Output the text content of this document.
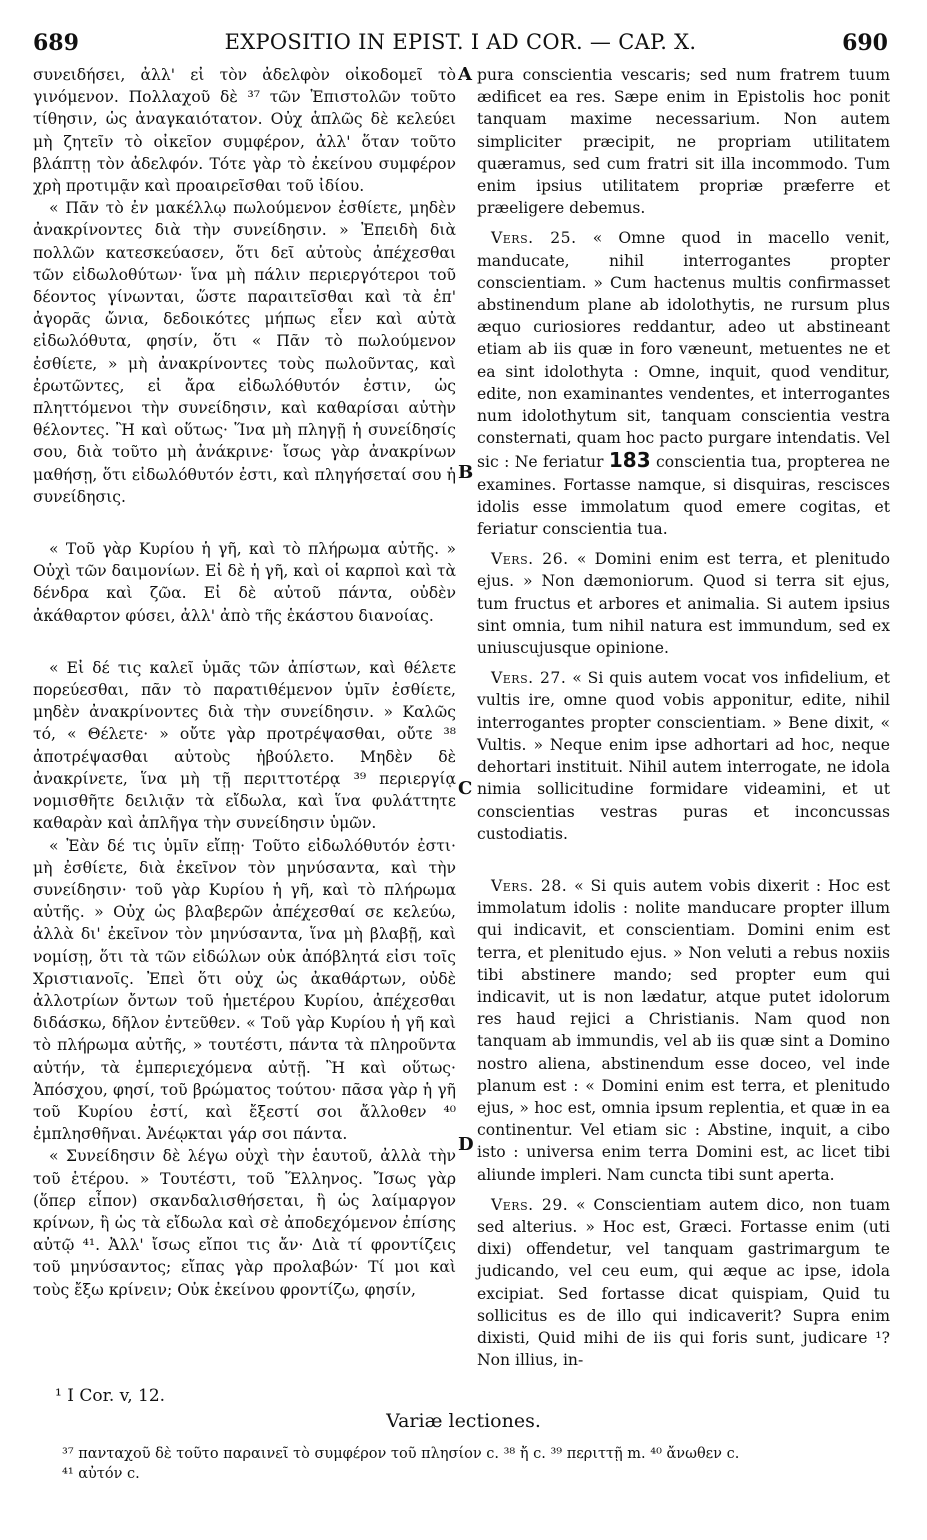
689	EXPOSITIO IN EPIST. I AD COR. — CAP. X.	690

συνειδήσει, ἀλλ' εἰ τὸν ἀδελφὸν οἰκοδομεῖ τὸ γινόμενον. Πολλαχοῦ δὲ ³⁷ τῶν Ἐπιστολῶν τοῦτο τίθησιν, ὡς ἀναγκαιότατον. Οὐχ ἁπλῶς δὲ κελεύει μὴ ζητεῖν τὸ οἰκεῖον συμφέρον, ἀλλ' ὅταν τοῦτο βλάπτῃ τὸν ἀδελφόν. Τότε γὰρ τὸ ἐκείνου συμφέρον χρὴ προτιμᾷν καὶ προαιρεῖσθαι τοῦ ἰδίου.

« Πᾶν τὸ ἐν μακέλλῳ πωλούμενον ἐσθίετε, μηδὲν ἀνακρίνοντες διὰ τὴν συνείδησιν. » Ἐπειδὴ διὰ πολλῶν κατεσκεύασεν, ὅτι δεῖ αὐτοὺς ἀπέχεσθαι τῶν εἰδωλοθύτων· ἵνα μὴ πάλιν περιεργότεροι τοῦ δέοντος γίνωνται, ὥστε παραιτεῖσθαι καὶ τὰ ἐπ' ἀγορᾶς ὤνια, δεδοικότες μήπως εἶεν καὶ αὐτὰ εἰδωλόθυτα, φησίν, ὅτι « Πᾶν τὸ πωλούμενον ἐσθίετε, » μὴ ἀνακρίνοντες τοὺς πωλοῦντας, καὶ ἐρωτῶντες, εἰ ἄρα εἰδωλόθυτόν ἐστιν, ὡς πληττόμενοι τὴν συνείδησιν, καὶ καθαρίσαι αὐτὴν θέλοντες. Ἢ καὶ οὕτως· Ἵνα μὴ πληγῇ ἡ συνείδησίς σου, διὰ τοῦτο μὴ ἀνάκρινε· ἴσως γὰρ ἀνακρίνων μαθήσῃ, ὅτι εἰδωλόθυτόν ἐστι, καὶ πληγήσεταί σου ἡ συνείδησις.

« Τοῦ γὰρ Κυρίου ἡ γῆ, καὶ τὸ πλήρωμα αὐτῆς. » Οὐχὶ τῶν δαιμονίων. Εἰ δὲ ἡ γῆ, καὶ οἱ καρποὶ καὶ τὰ δένδρα καὶ ζῶα. Εἰ δὲ αὐτοῦ πάντα, οὐδὲν ἀκάθαρτον φύσει, ἀλλ' ἀπὸ τῆς ἑκάστου διανοίας.

« Εἰ δέ τις καλεῖ ὑμᾶς τῶν ἀπίστων, καὶ θέλετε πορεύεσθαι, πᾶν τὸ παρατιθέμενον ὑμῖν ἐσθίετε, μηδὲν ἀνακρίνοντες διὰ τὴν συνείδησιν. » Καλῶς τό, « Θέλετε· » οὔτε γὰρ προτρέψασθαι, οὔτε ³⁸ ἀποτρέψασθαι αὐτοὺς ἠβούλετο. Μηδὲν δὲ ἀνακρίνετε, ἵνα μὴ τῇ περιττοτέρᾳ ³⁹ περιεργίᾳ νομισθῆτε δειλιᾷν τὰ εἴδωλα, καὶ ἵνα φυλάττητε καθαρὰν καὶ ἀπλῆγα τὴν συνείδησιν ὑμῶν.

« Ἐὰν δέ τις ὑμῖν εἴπῃ· Τοῦτο εἰδωλόθυτόν ἐστι· μὴ ἐσθίετε, διὰ ἐκεῖνον τὸν μηνύσαντα, καὶ τὴν συνείδησιν· τοῦ γὰρ Κυρίου ἡ γῆ, καὶ τὸ πλήρωμα αὐτῆς. » Οὐχ ὡς βλαβερῶν ἀπέχεσθαί σε κελεύω, ἀλλὰ δι' ἐκεῖνον τὸν μηνύσαντα, ἵνα μὴ βλαβῇ, καὶ νομίσῃ, ὅτι τὰ τῶν εἰδώλων οὐκ ἀπόβλητά εἰσι τοῖς Χριστιανοῖς. Ἐπεὶ ὅτι οὐχ ὡς ἀκαθάρτων, οὐδὲ ἀλλοτρίων ὄντων τοῦ ἡμετέρου Κυρίου, ἀπέχεσθαι διδάσκω, δῆλον ἐντεῦθεν. « Τοῦ γὰρ Κυρίου ἡ γῆ καὶ τὸ πλήρωμα αὐτῆς, » τουτέστι, πάντα τὰ πληροῦντα αὐτήν, τὰ ἐμπεριεχόμενα αὐτῇ. Ἢ καὶ οὕτως· Ἀπόσχου, φησί, τοῦ βρώματος τούτου· πᾶσα γὰρ ἡ γῆ τοῦ Κυρίου ἐστί, καὶ ἔξεστί σοι ἄλλοθεν ⁴⁰ ἐμπλησθῆναι. Ἀνέῳκται γάρ σοι πάντα.

« Συνείδησιν δὲ λέγω οὐχὶ τὴν ἑαυτοῦ, ἀλλὰ τὴν τοῦ ἑτέρου. » Τουτέστι, τοῦ Ἕλληνος. Ἴσως γὰρ (ὅπερ εἶπον) σκανδαλισθήσεται, ἢ ὡς λαίμαργον κρίνων, ἢ ὡς τὰ εἴδωλα καὶ σὲ ἀποδεχόμενον ἐπίσης αὐτῷ ⁴¹. Ἀλλ' ἴσως εἴποι τις ἄν· Διὰ τί φροντίζεις τοῦ μηνύσαντος; εἴπας γὰρ προλαβών· Τί μοι καὶ τοὺς ἔξω κρίνειν; Οὐκ ἐκείνου φροντίζω, φησίν,

A
B
C
D

pura conscientia vescaris; sed num fratrem tuum ædificet ea res. Sæpe enim in Epistolis hoc ponit tanquam maxime necessarium. Non autem simpliciter præcipit, ne propriam utilitatem quæramus, sed cum fratri sit illa incommodo. Tum enim ipsius utilitatem propriæ præferre et præeligere debemus.

Vers. 25. « Omne quod in macello venit, manducate, nihil interrogantes propter conscientiam. » Cum hactenus multis confirmasset abstinendum plane ab idolothytis, ne rursum plus æquo curiosiores reddantur, adeo ut abstineant etiam ab iis quæ in foro væneunt, metuentes ne et ea sint idolothyta : Omne, inquit, quod venditur, edite, non examinantes vendentes, et interrogantes num idolothytum sit, tanquam conscientia vestra consternati, quam hoc pacto purgare intendatis. Vel sic : Ne feriatur 183 conscientia tua, propterea ne examines. Fortasse namque, si disquiras, rescisces idolis esse immolatum quod emere cogitas, et feriatur conscientia tua.

Vers. 26. « Domini enim est terra, et plenitudo ejus. » Non dæmoniorum. Quod si terra sit ejus, tum fructus et arbores et animalia. Si autem ipsius sint omnia, tum nihil natura est immundum, sed ex uniuscujusque opinione.

Vers. 27. « Si quis autem vocat vos infidelium, et vultis ire, omne quod vobis apponitur, edite, nihil interrogantes propter conscientiam. » Bene dixit, « Vultis. » Neque enim ipse adhortari ad hoc, neque dehortari instituit. Nihil autem interrogate, ne idola nimia sollicitudine formidare videamini, et ut conscientias vestras puras et inconcussas custodiatis.

Vers. 28. « Si quis autem vobis dixerit : Hoc est immolatum idolis : nolite manducare propter illum qui indicavit, et conscientiam. Domini enim est terra, et plenitudo ejus. » Non veluti a rebus noxiis tibi abstinere mando; sed propter eum qui indicavit, ut is non lædatur, atque putet idolorum res haud rejici a Christianis. Nam quod non tanquam ab immundis, vel ab iis quæ sint a Domino nostro aliena, abstinendum esse doceo, vel inde planum est : « Domini enim est terra, et plenitudo ejus, » hoc est, omnia ipsum replentia, et quæ in ea continentur. Vel etiam sic : Abstine, inquit, a cibo isto : universa enim terra Domini est, ac licet tibi aliunde impleri. Nam cuncta tibi sunt aperta.

Vers. 29. « Conscientiam autem dico, non tuam sed alterius. » Hoc est, Græci. Fortasse enim (uti dixi) offendetur, vel tanquam gastrimargum te judicando, vel ceu eum, qui æque ac ipse, idola excipiat. Sed fortasse dicat quispiam, Quid tu sollicitus es de illo qui indicaverit? Supra enim dixisti, Quid mihi de iis qui foris sunt, judicare ¹? Non illius, in-

¹ I Cor. v, 12.
Variæ lectiones.

³⁷ πανταχοῦ δὲ τοῦτο παραινεῖ τὸ συμφέρον τοῦ πλησίον c. ³⁸ ἤ c. ³⁹ περιττῇ m. ⁴⁰ ἄνωθεν c.

⁴¹ αὐτόν c.
